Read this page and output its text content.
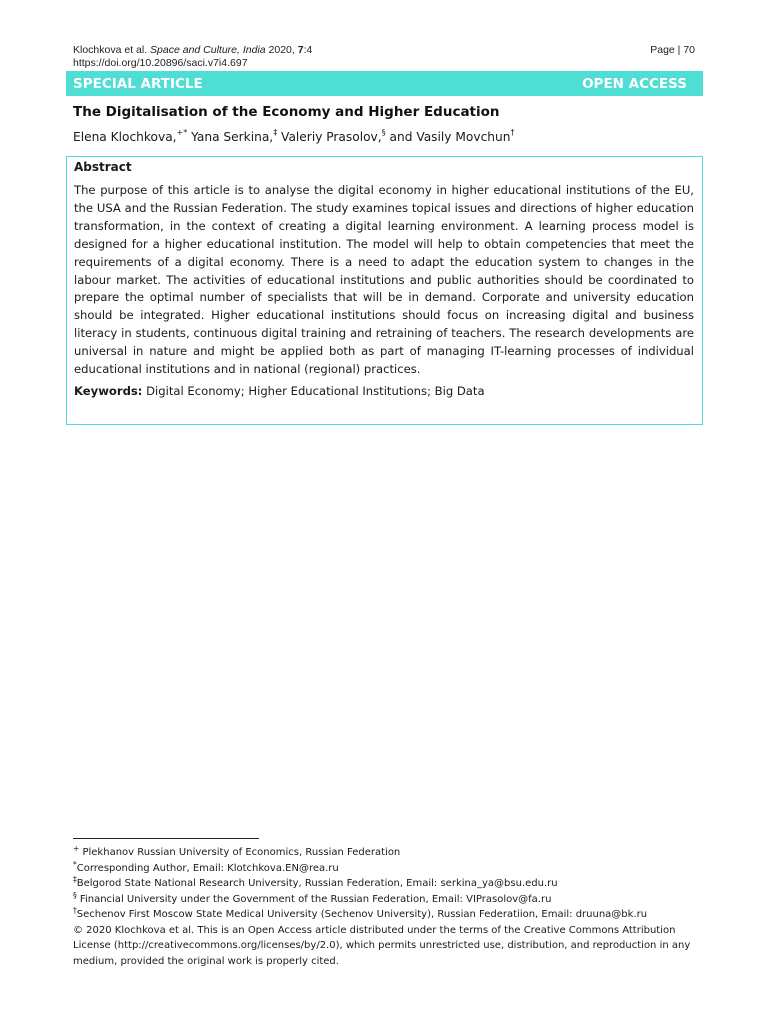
Klochkova et al. Space and Culture, India 2020, 7:4
https://doi.org/10.20896/saci.v7i4.697
Page | 70
SPECIAL ARTICLE	OPEN ACCESS
The Digitalisation of the Economy and Higher Education
Elena Klochkova,+* Yana Serkina,‡ Valeriy Prasolov,§ and Vasily Movchun†
Abstract

The purpose of this article is to analyse the digital economy in higher educational institutions of the EU, the USA and the Russian Federation. The study examines topical issues and directions of higher education transformation, in the context of creating a digital learning environment. A learning process model is designed for a higher educational institution. The model will help to obtain competencies that meet the requirements of a digital economy. There is a need to adapt the education system to changes in the labour market. The activities of educational institutions and public authorities should be coordinated to prepare the optimal number of specialists that will be in demand. Corporate and university education should be integrated. Higher educational institutions should focus on increasing digital and business literacy in students, continuous digital training and retraining of teachers. The research developments are universal in nature and might be applied both as part of managing IT-learning processes of individual educational institutions and in national (regional) practices.

Keywords: Digital Economy; Higher Educational Institutions; Big Data
+ Plekhanov Russian University of Economics, Russian Federation
*Corresponding Author, Email: Klotchkova.EN@rea.ru
‡Belgorod State National Research University, Russian Federation, Email: serkina_ya@bsu.edu.ru
§ Financial University under the Government of the Russian Federation, Email: VIPrasolov@fa.ru
†Sechenov First Moscow State Medical University (Sechenov University), Russian Federatiion, Email: druuna@bk.ru
© 2020 Klochkova et al. This is an Open Access article distributed under the terms of the Creative Commons Attribution License (http://creativecommons.org/licenses/by/2.0), which permits unrestricted use, distribution, and reproduction in any medium, provided the original work is properly cited.
